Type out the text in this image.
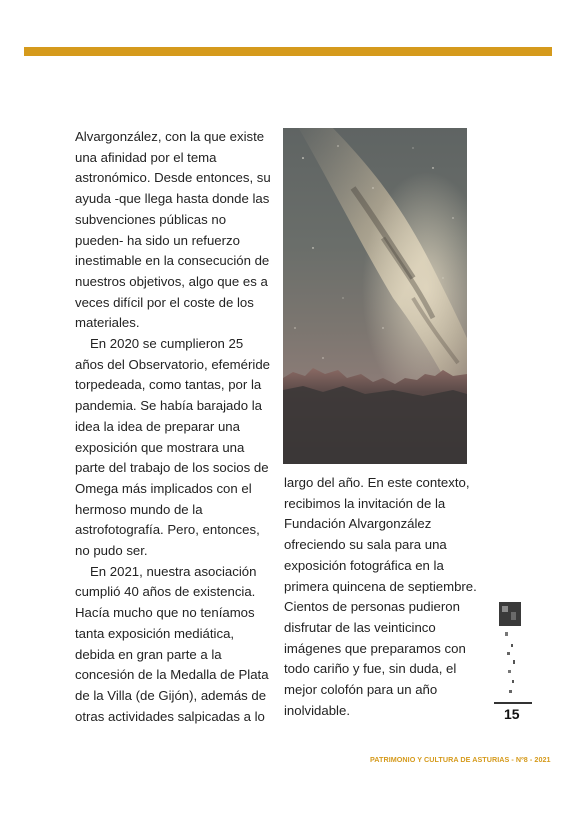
Alvargonzález, con la que existe una afinidad por el tema astronómico. Desde entonces, su ayuda -que llega hasta donde las subvenciones públicas no pueden- ha sido un refuerzo inestimable en la consecución de nuestros objetivos, algo que es a veces difícil por el coste de los materiales.

En 2020 se cumplieron 25 años del Observatorio, efeméride torpedeada, como tantas, por la pandemia. Se había barajado la idea la idea de preparar una exposición que mostrara una parte del trabajo de los socios de Omega más implicados con el hermoso mundo de la astrofotografía. Pero, entonces, no pudo ser.

En 2021, nuestra asociación cumplió 40 años de existencia. Hacía mucho que no teníamos tanta exposición mediática, debida en gran parte a la concesión de la Medalla de Plata de la Villa (de Gijón), además de otras actividades salpicadas a lo

largo del año. En este contexto, recibimos la invitación de la Fundación Alvargonzález ofreciendo su sala para una exposición fotográfica en la primera quincena de septiembre. Cientos de personas pudieron disfrutar de las veinticinco imágenes que preparamos con todo cariño y fue, sin duda, el mejor colofón para un año inolvidable.	15
PATRIMONIO Y CULTURA DE ASTURIAS - Nº8 - 2021
